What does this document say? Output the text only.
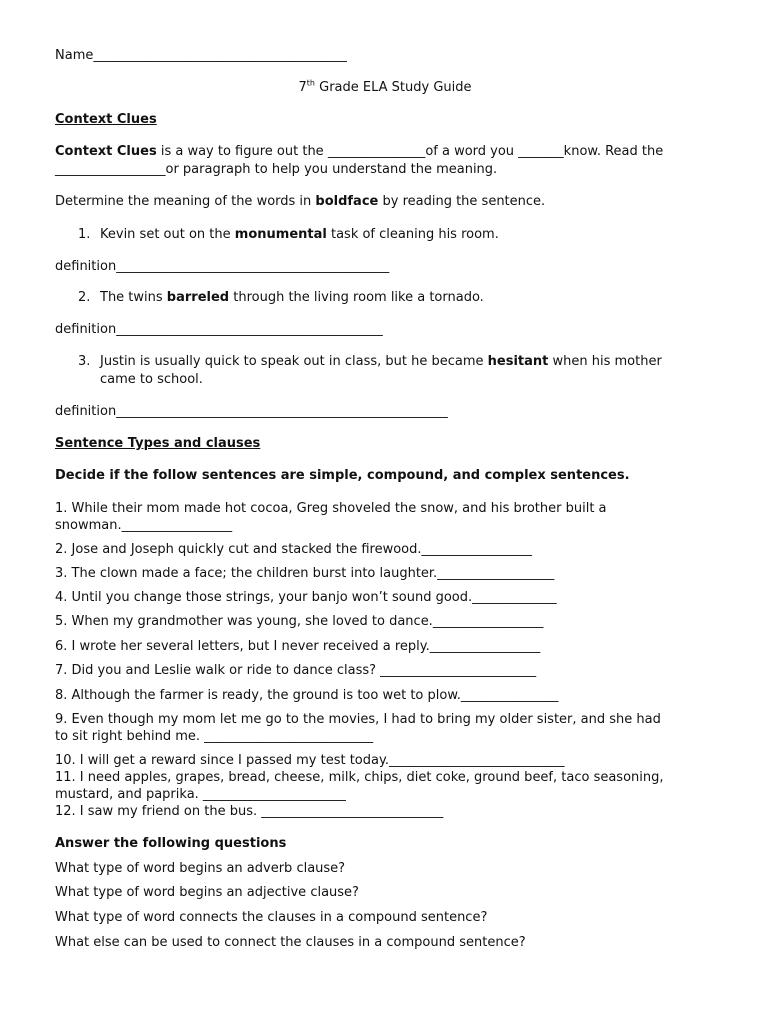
Name_______________________________________
7th Grade ELA Study Guide
Context Clues
Context Clues is a way to figure out the _______________of a word you _______know. Read the
_________________or paragraph to help you understand the meaning.
Determine the meaning of the words in boldface by reading the sentence.
1. Kevin set out on the monumental task of cleaning his room.
definition__________________________________________
2. The twins barreled through the living room like a tornado.
definition_________________________________________
3. Justin is usually quick to speak out in class, but he became hesitant when his mother
came to school.
definition___________________________________________________
Sentence Types and clauses
Decide if the follow sentences are simple, compound, and complex sentences.
1. While their mom made hot cocoa, Greg shoveled the snow, and his brother built a
snowman._________________
2. Jose and Joseph quickly cut and stacked the firewood._________________
3. The clown made a face; the children burst into laughter.__________________
4. Until you change those strings, your banjo won’t sound good._____________
5. When my grandmother was young, she loved to dance._________________
6. I wrote her several letters, but I never received a reply._________________
7. Did you and Leslie walk or ride to dance class? ________________________
8. Although the farmer is ready, the ground is too wet to plow._______________
9. Even though my mom let me go to the movies, I had to bring my older sister, and she had
to sit right behind me. __________________________
10. I will get a reward since I passed my test today.___________________________
11. I need apples, grapes, bread, cheese, milk, chips, diet coke, ground beef, taco seasoning,
mustard, and paprika. ______________________
12. I saw my friend on the bus. ____________________________
Answer the following questions
What type of word begins an adverb clause?
What type of word begins an adjective clause?
What type of word connects the clauses in a compound sentence?
What else can be used to connect the clauses in a compound sentence?
